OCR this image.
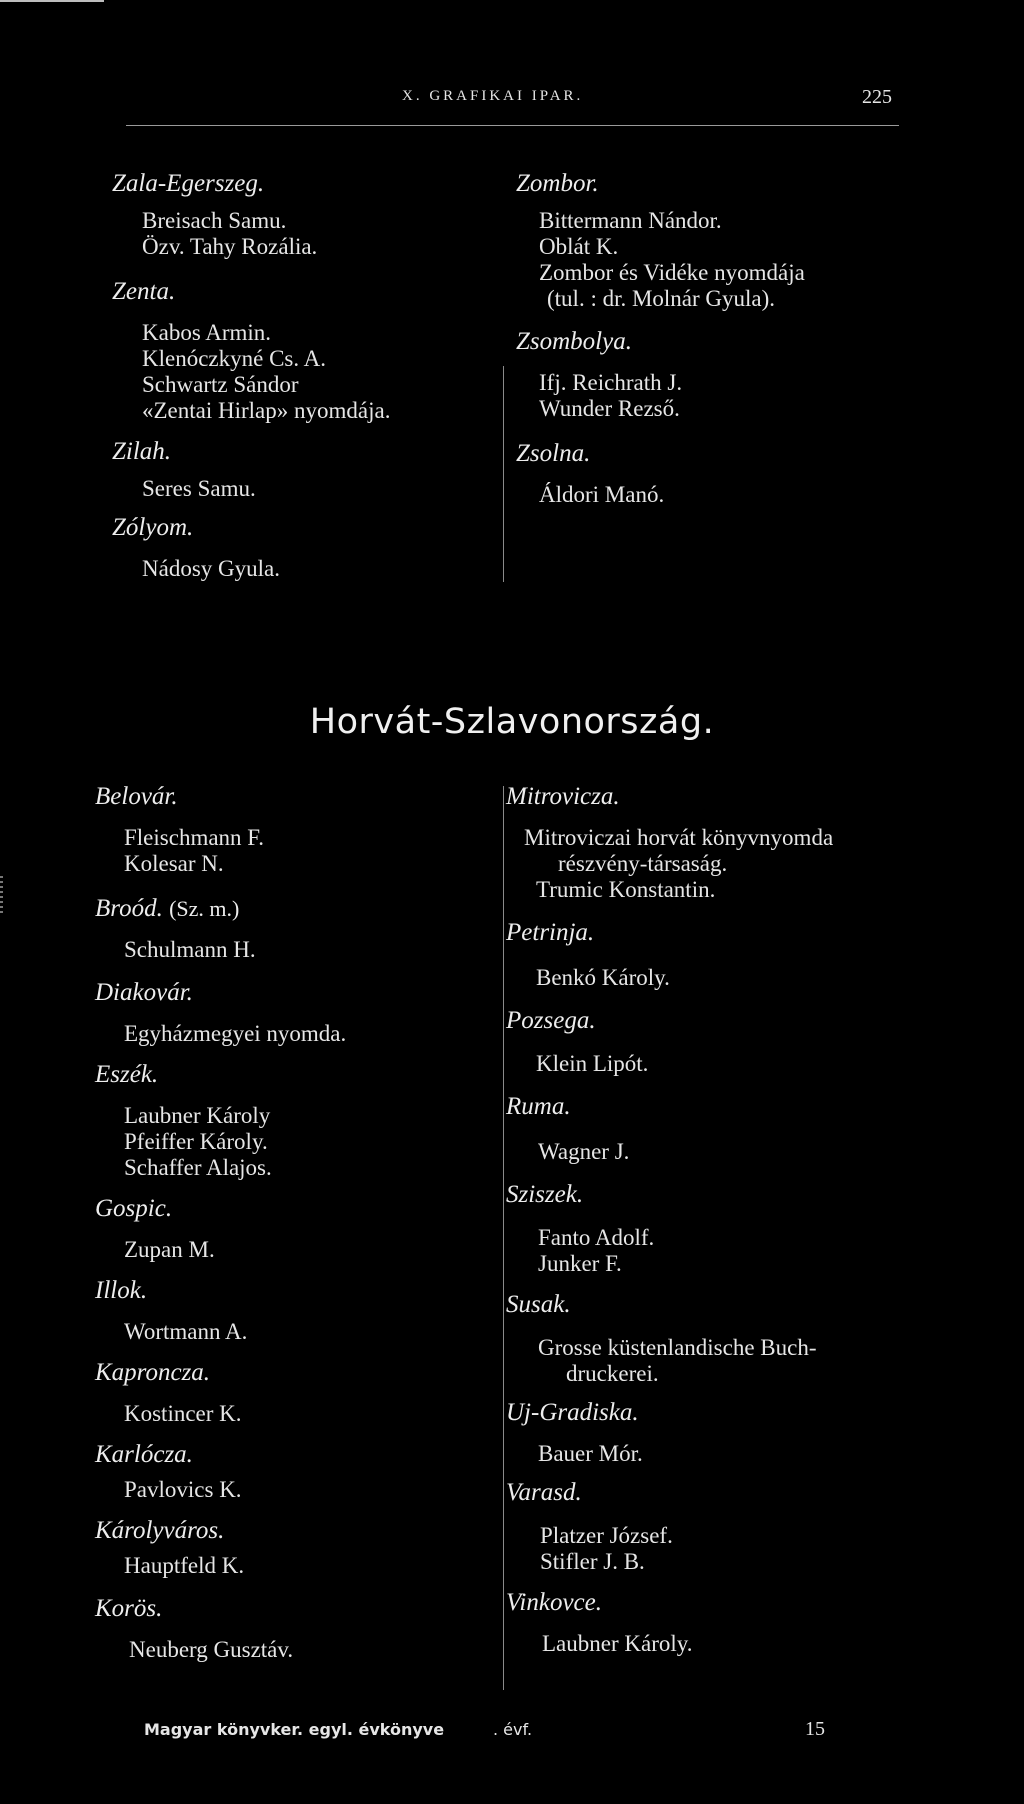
X. GRAFIKAI IPAR.	225

Zala-Egerszeg.

Breisach Samu.

Özv. Tahy Rozália.

Zenta.

Kabos Armin.

Klenóczkyné Cs. A.

Schwartz Sándor

«Zentai Hirlap» nyomdája.

Zilah.

Seres Samu.

Zólyom.

Nádosy Gyula.

Zombor.

Bittermann Nándor.

Oblát K.

Zombor és Vidéke nyomdája

(tul. : dr. Molnár Gyula).

Zsombolya.

Ifj. Reichrath J.

Wunder Rezső.

Zsolna.

Áldori Manó.

Horvát-Szlavonország.

Belovár.

Fleischmann F.

Kolesar N.

Broód. (Sz. m.)

Schulmann H.

Diakovár.

Egyházmegyei nyomda.

Eszék.

Laubner Károly

Pfeiffer Károly.

Schaffer Alajos.

Gospic.

Zupan M.

Illok.

Wortmann A.

Kapronczа.

Kostincer K.

Karlócza.

Pavlovics K.

Károlyváros.

Hauptfeld K.

Korös.

Neuberg Gusztáv.

Mitrovicza.

Mitroviczai horvát könyvnyomda

részvény-társaság.

Trumic Konstantin.

Petrinja.

Benkó Károly.

Pozsega.

Klein Lipót.

Ruma.

Wagner J.

Sziszek.

Fanto Adolf.

Junker F.

Susak.

Grosse küstenlandische Buch-

druckerei.

Uj-Gradiska.

Bauer Mór.

Varasd.

Platzer József.

Stifler J. B.

Vinkovce.

Laubner Károly.

Magyar könyvker. egyl. évkönyve	. évf.	15
